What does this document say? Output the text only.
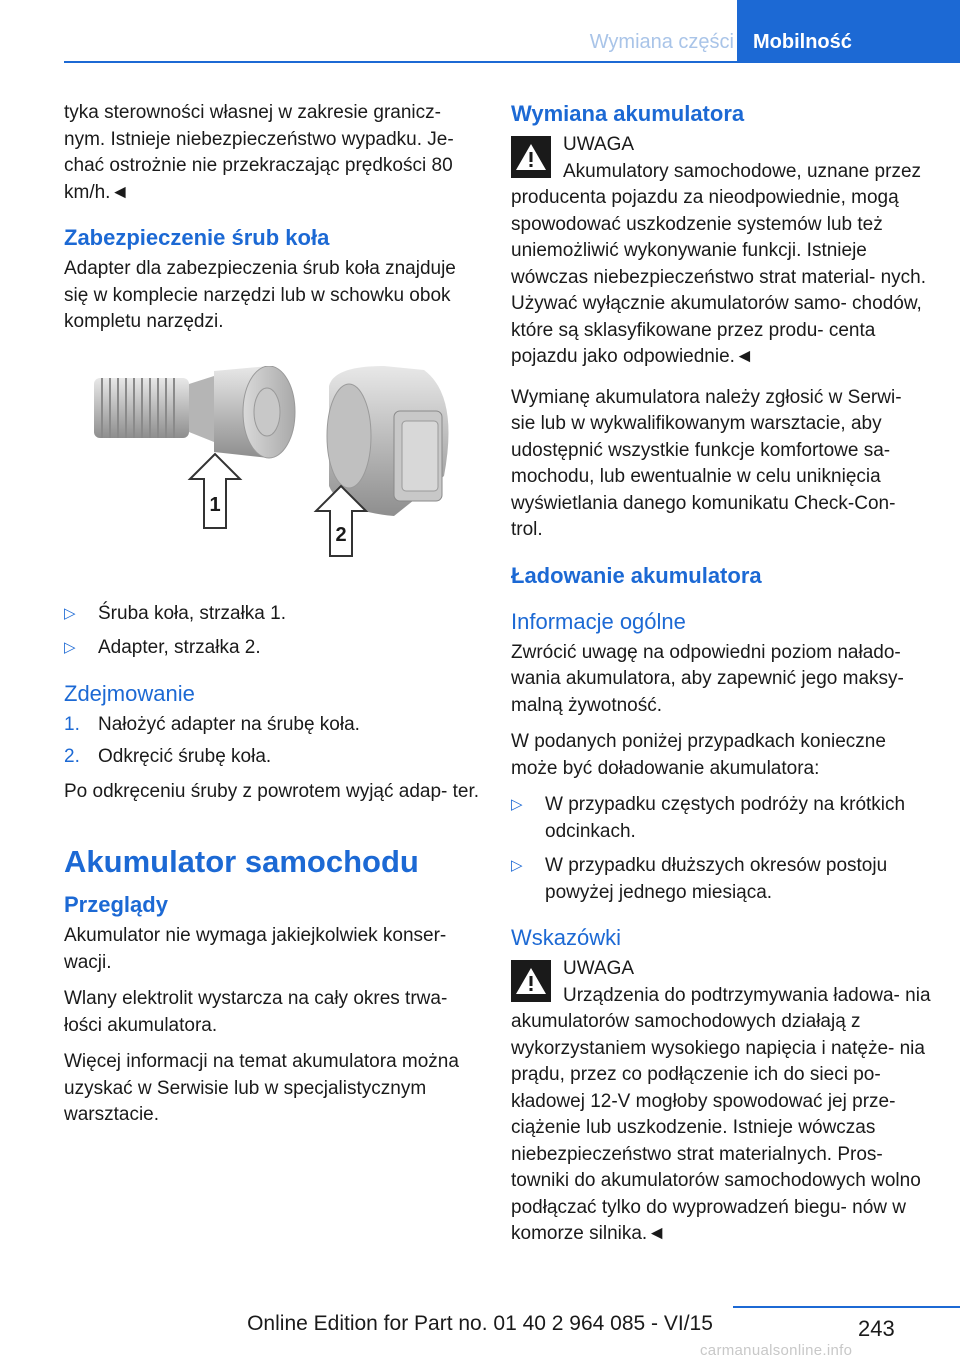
Wymiana części Mobilność

tyka sterowności własnej w zakresie granicz- nym. Istnieje niebezpieczeństwo wypadku. Je- chać ostrożnie nie przekraczając prędkości 80 km/h.◄

Zabezpieczenie śrub koła

Adapter dla zabezpieczenia śrub koła znajduje się w komplecie narzędzi lub w schowku obok kompletu narzędzi.

1
2
▷ Śruba koła, strzałka 1.
▷ Adapter, strzałka 2.
Zdejmowanie
1. Nałożyć adapter na śrubę koła.
2. Odkręcić śrubę koła.

Po odkręceniu śruby z powrotem wyjąć adap- ter.

Akumulator samochodu
Przeglądy

Akumulator nie wymaga jakiejkolwiek konser- wacji.

Wlany elektrolit wystarcza na cały okres trwa- łości akumulatora.

Więcej informacji na temat akumulatora można uzyskać w Serwisie lub w specjalistycznym warsztacie.

Wymiana akumulatora
UWAGA
Akumulatory samochodowe, uznane przez producenta pojazdu za nieodpowiednie, mogą spowodować uszkodzenie systemów lub też uniemożliwić wykonywanie funkcji. Istnieje wówczas niebezpieczeństwo strat material- nych. Używać wyłącznie akumulatorów samo- chodów, które są sklasyfikowane przez produ- centa pojazdu jako odpowiednie.◄

Wymianę akumulatora należy zgłosić w Serwi- sie lub w wykwalifikowanym warsztacie, aby udostępnić wszystkie funkcje komfortowe sa- mochodu, lub ewentualnie w celu uniknięcia wyświetlania danego komunikatu Check-Con- trol.

Ładowanie akumulatora
Informacje ogólne

Zwrócić uwagę na odpowiedni poziom nałado- wania akumulatora, aby zapewnić jego maksy- malną żywotność.

W podanych poniżej przypadkach konieczne może być doładowanie akumulatora:

▷ W przypadku częstych podróży na krótkich odcinkach.
▷ W przypadku dłuższych okresów postoju powyżej jednego miesiąca.
Wskazówki
UWAGA
Urządzenia do podtrzymywania ładowa- nia akumulatorów samochodowych działają z wykorzystaniem wysokiego napięcia i natęże- nia prądu, przez co podłączenie ich do sieci po- kładowej 12-V mogłoby spowodować jej prze- ciążenie lub uszkodzenie. Istnieje wówczas niebezpieczeństwo strat materialnych. Pros- towniki do akumulatorów samochodowych wolno podłączać tylko do wyprowadzeń biegu- nów w komorze silnika.◄
243
Online Edition for Part no. 01 40 2 964 085 - VI/15
carmanualsonline.info
